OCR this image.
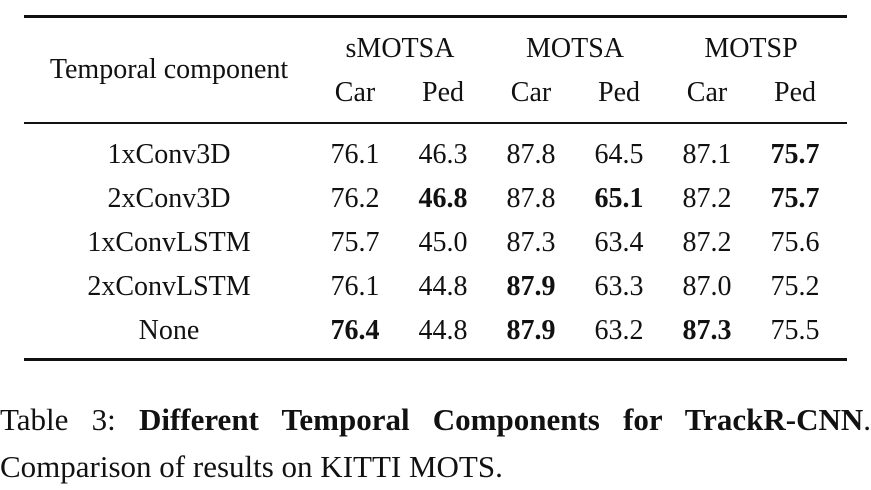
Temporal component
sMOTSA	MOTSA	MOTSP
Car Ped Car Ped Car Ped
1xConv3D	76.1 46.3 87.8 64.5 87.1 75.7
2xConv3D	76.2 46.8 87.8 65.1 87.2 75.7
1xConvLSTM	75.7 45.0 87.3 63.4 87.2 75.6
2xConvLSTM	76.1 44.8 87.9 63.3 87.0 75.2
None	76.4 44.8 87.9 63.2 87.3 75.5
Table 3: Different Temporal Components for TrackR-CNN. Comparison of results on KITTI MOTS.
